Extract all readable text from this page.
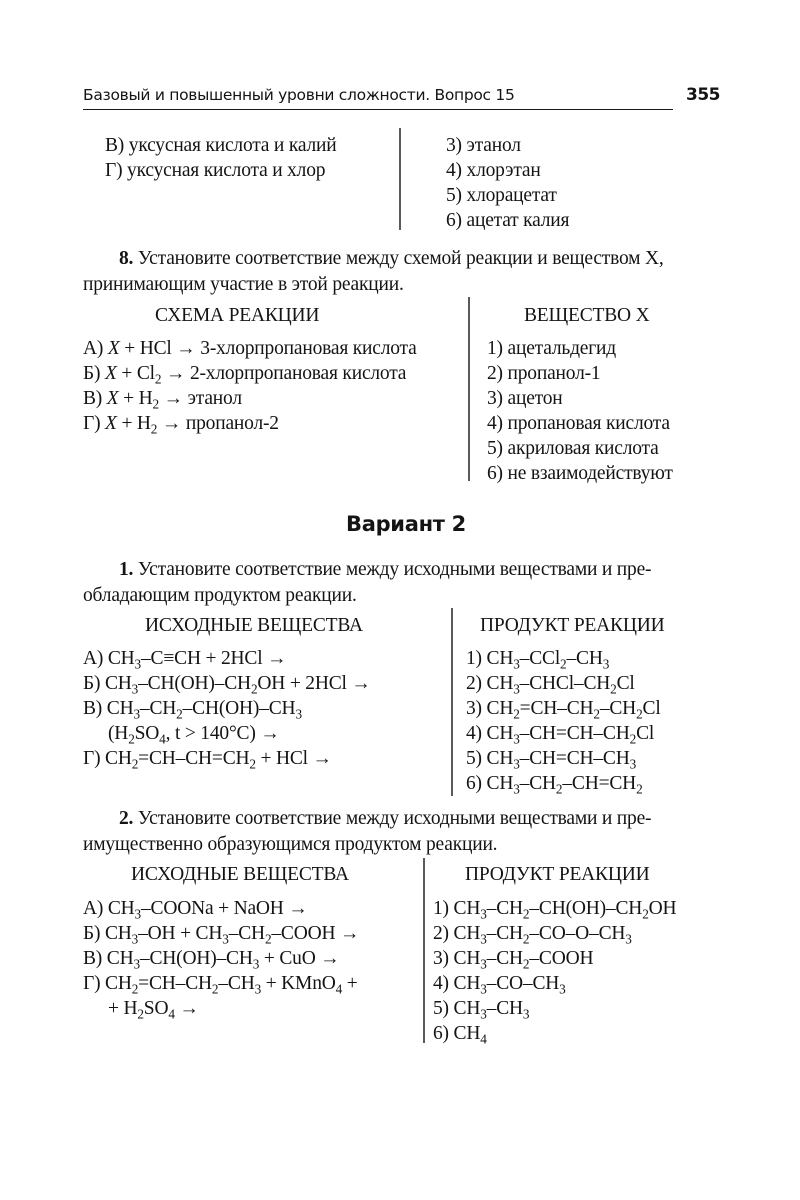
Базовый и повышенный уровни сложности. Вопрос 15	355
В) уксусная кислота и калий
Г) уксусная кислота и хлор
3) этанол
4) хлорэтан
5) хлорацетат
6) ацетат калия
8. Установите соответствие между схемой реакции и веществом X,
принимающим участие в этой реакции.
СХЕМА РЕАКЦИИ	ВЕЩЕСТВО X
А) X + HCl → 3-хлорпропановая кислота
Б) $X + Cl_2$ → 2-хлорпропановая кислота
В) $X + H_2$ → этанол
Г) $X + H_2$ → пропанол-2
1) ацетальдегид
2) пропанол-1
3) ацетон
4) пропановая кислота
5) акриловая кислота
6) не взаимодействуют
Вариант 2
1. Установите соответствие между исходными веществами и пре-
обладающим продуктом реакции.
ИСХОДНЫЕ ВЕЩЕСТВА	ПРОДУКТ РЕАКЦИИ
А) $CH_3-C\equiv CH + 2HCl$ →
Б) $CH_3-CH(OH)-CH_2OH + 2HCl$ →
В) $CH_3-CH_2-CH(OH)-CH_3$
($H_2SO_4$, t > 140°C) →
Г) $CH_2=CH-CH=CH_2$ + HCl →
1) $CH_3-CCl_2-CH_3$
2) $CH_3-CHCl-CH_2Cl$
3) $CH_2=CH-CH_2-CH_2Cl$
4) $CH_3-CH=CH-CH_2Cl$
5) $CH_3-CH=CH-CH_3$
6) $CH_3-CH_2-CH=CH_2$
2. Установите соответствие между исходными веществами и пре-
имущественно образующимся продуктом реакции.
ИСХОДНЫЕ ВЕЩЕСТВА	ПРОДУКТ РЕАКЦИИ
А) $CH_3$–COONa + NaOH →
Б) $CH_3-OH$ + $CH_3-CH_2$–COOH →
В) $CH_3-CH(OH)-CH_3$ + CuO →
Г) $CH_2=CH-CH_2-CH_3$ + KMnO$_4$ +
+ $H_2SO_4$ →
1) $CH_3-CH_2-CH(OH)-CH_2OH$
2) $CH_3-CH_2-CO-O-CH_3$
3) $CH_3-CH_2$–COOH
4) $CH_3-CO-CH_3$
5) $CH_3-CH_3$
6) $CH_4$
